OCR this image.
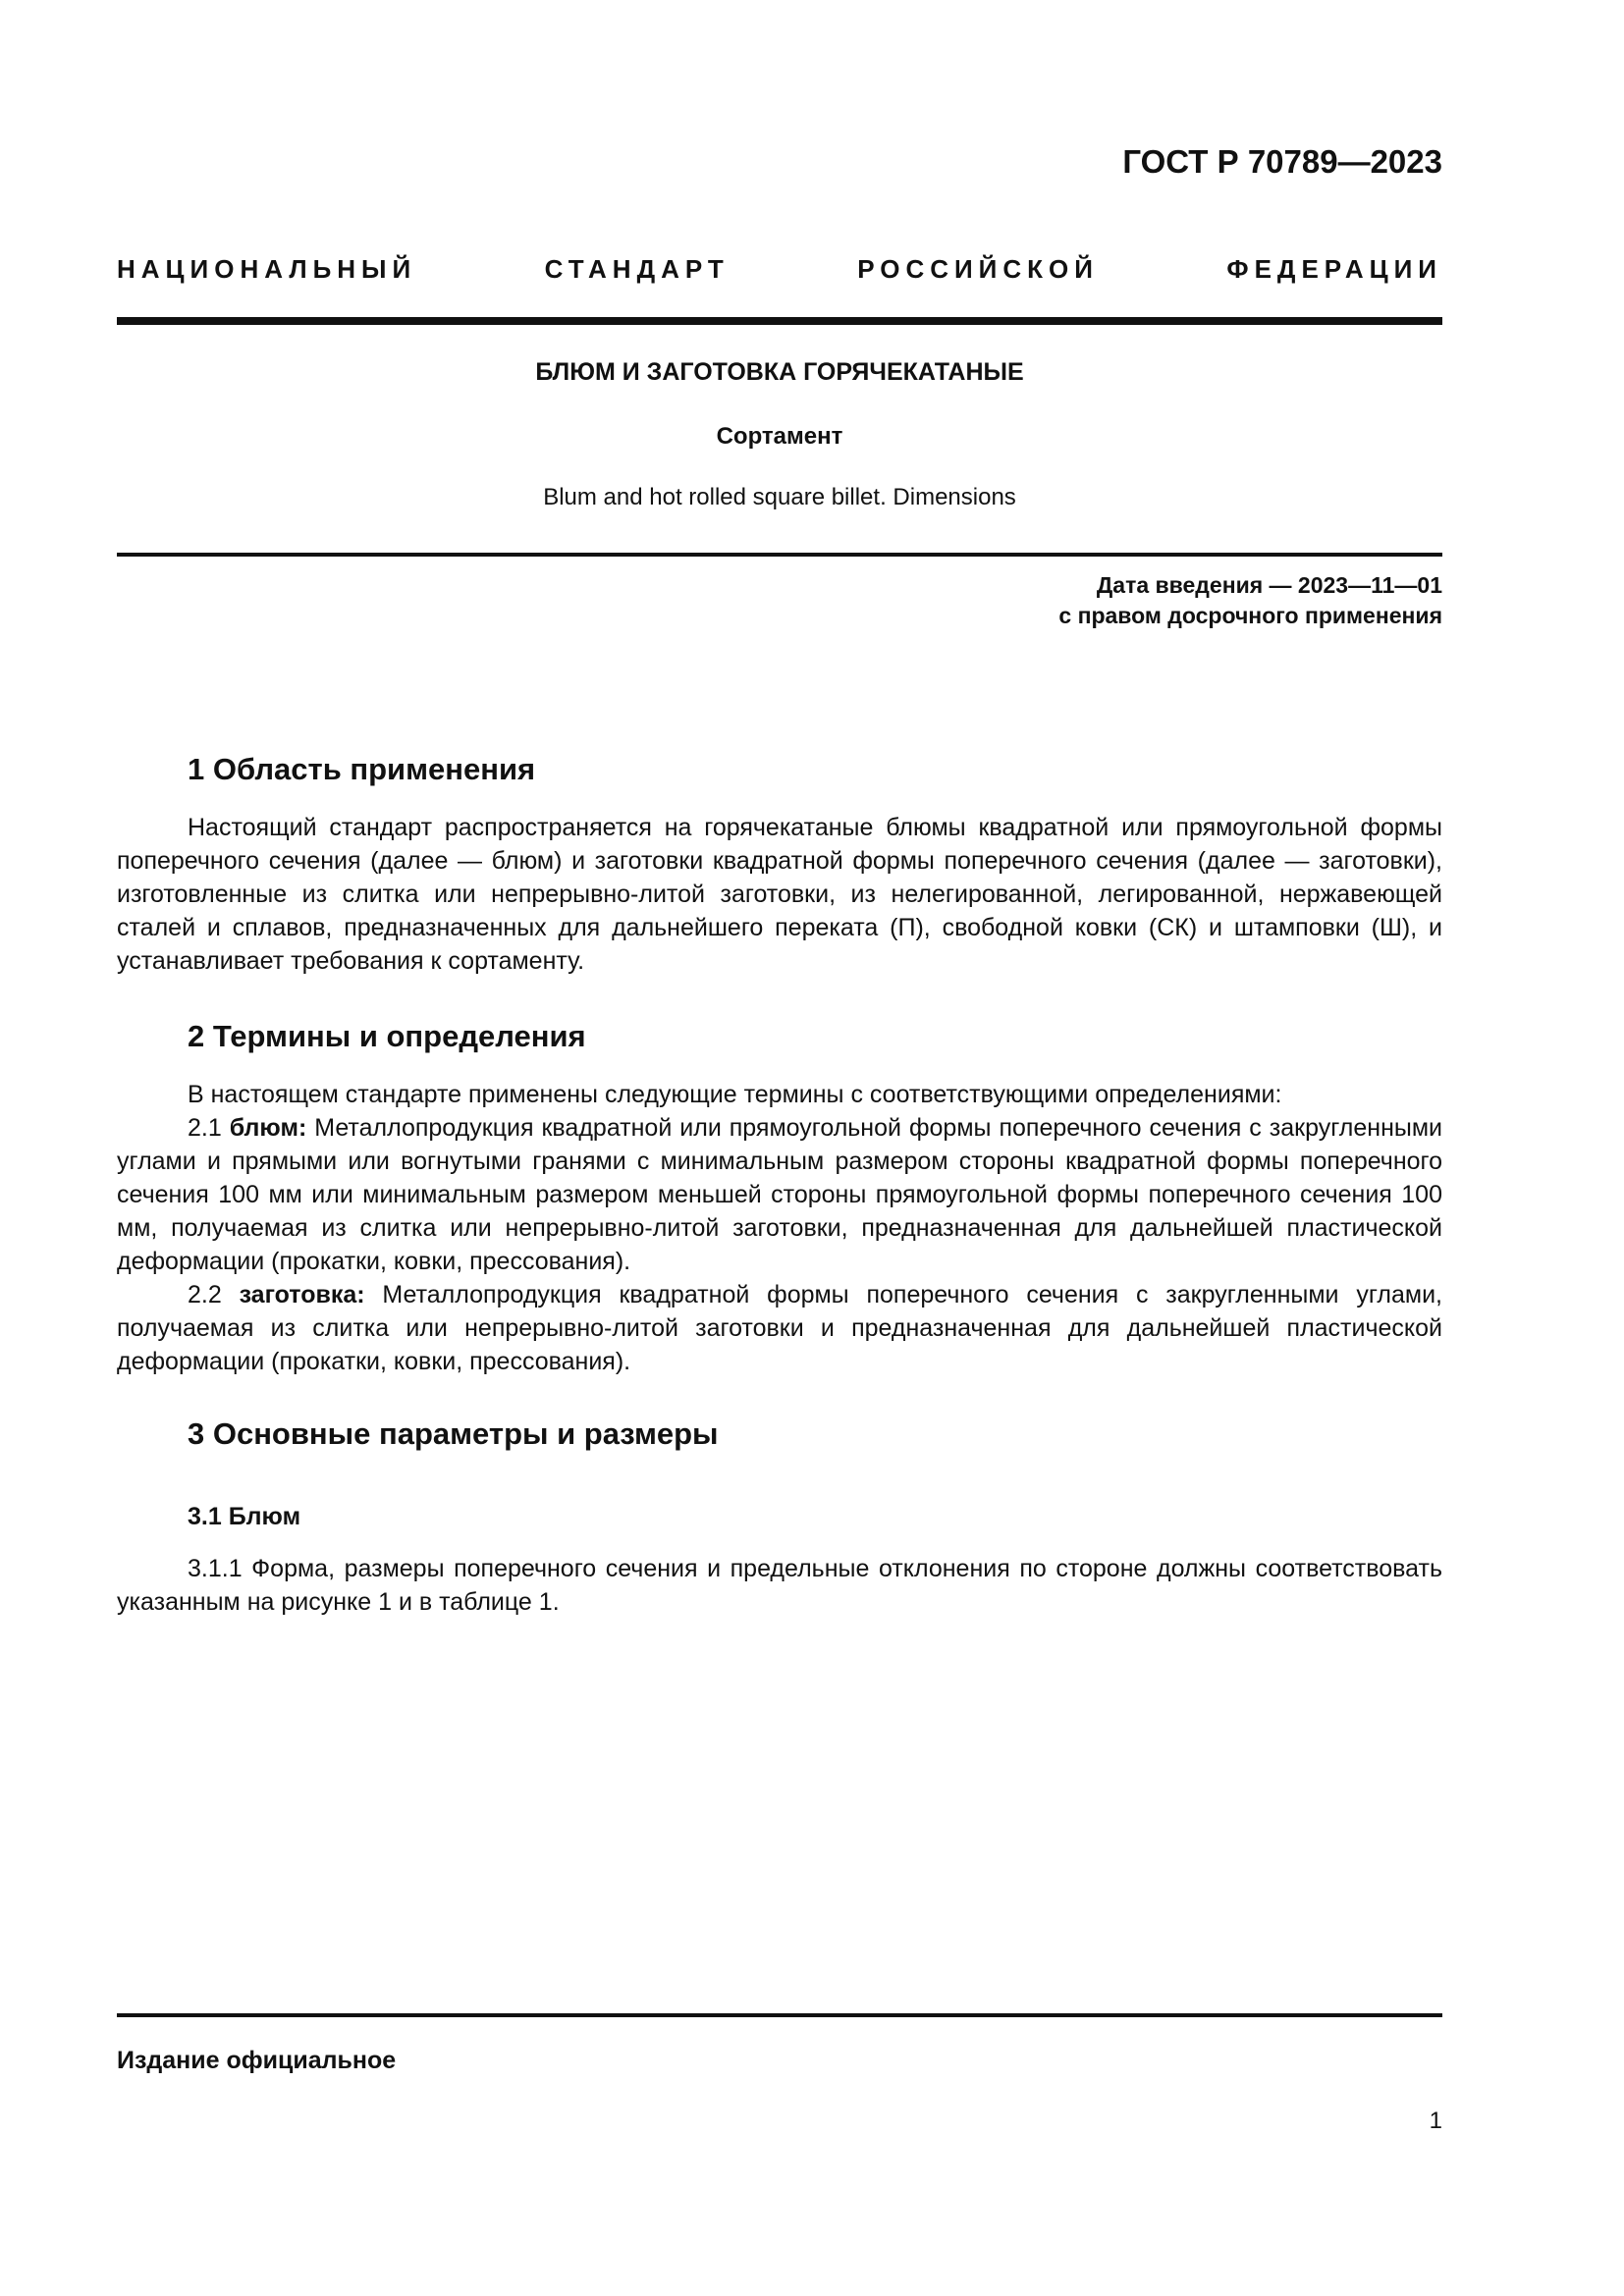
ГОСТ Р 70789—2023
НАЦИОНАЛЬНЫЙ СТАНДАРТ РОССИЙСКОЙ ФЕДЕРАЦИИ
БЛЮМ И ЗАГОТОВКА ГОРЯЧЕКАТАНЫЕ
Сортамент
Blum and hot rolled square billet. Dimensions
Дата введения — 2023—11—01
с правом досрочного применения
1 Область применения

Настоящий стандарт распространяется на горячекатаные блюмы квадратной или прямоугольной формы поперечного сечения (далее — блюм) и заготовки квадратной формы поперечного сечения (далее — заготовки), изготовленные из слитка или непрерывно-литой заготовки, из нелегированной, легированной, нержавеющей сталей и сплавов, предназначенных для дальнейшего переката (П), свободной ковки (СК) и штамповки (Ш), и устанавливает требования к сортаменту.

2 Термины и определения

В настоящем стандарте применены следующие термины с соответствующими определениями:

2.1 блюм: Металлопродукция квадратной или прямоугольной формы поперечного сечения с закругленными углами и прямыми или вогнутыми гранями с минимальным размером стороны квадратной формы поперечного сечения 100 мм или минимальным размером меньшей стороны прямоугольной формы поперечного сечения 100 мм, получаемая из слитка или непрерывно-литой заготовки, предназначенная для дальнейшей пластической деформации (прокатки, ковки, прессования).

2.2 заготовка: Металлопродукция квадратной формы поперечного сечения с закругленными углами, получаемая из слитка или непрерывно-литой заготовки и предназначенная для дальнейшей пластической деформации (прокатки, ковки, прессования).

3 Основные параметры и размеры
3.1 Блюм

3.1.1 Форма, размеры поперечного сечения и предельные отклонения по стороне должны соответствовать указанным на рисунке 1 и в таблице 1.

Издание официальное
1
